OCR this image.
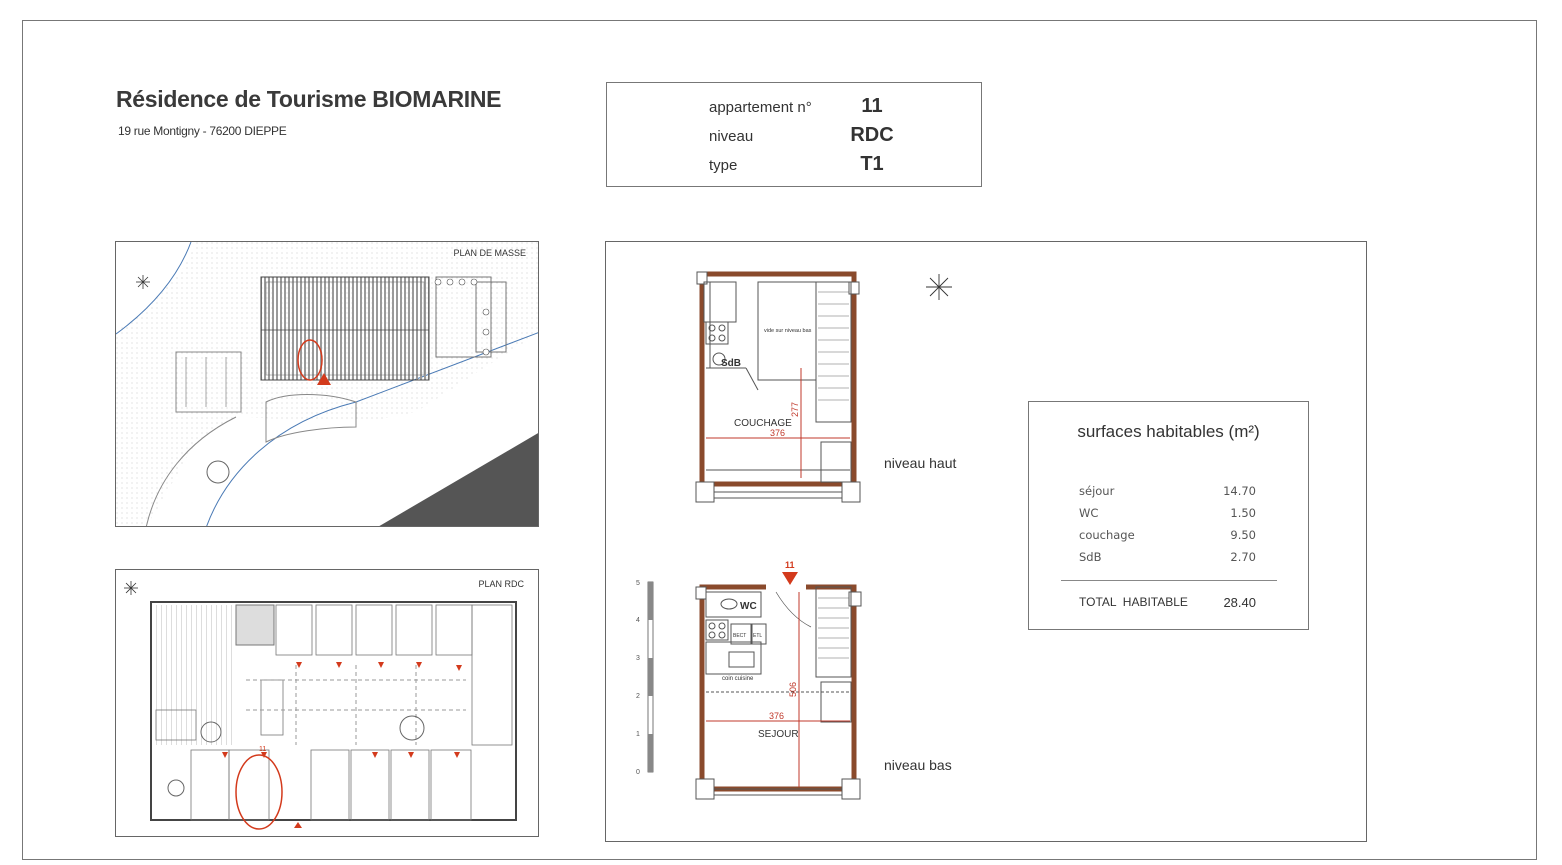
Résidence de Tourisme BIOMARINE
19 rue Montigny - 76200 DIEPPE
appartement n°	11
niveau	RDC
type	T1
PLAN DE MASSE
11
PLAN RDC
SdB
vide sur niveau bas
COUCHAGE
376
277
11
WC
BECT ETL
coin cuisine
SEJOUR
376
506
0
1
2
3
4
5
niveau haut
niveau bas
surfaces habitables (m²)
séjour	14.70
WC	1.50
couchage	9.50
SdB	2.70
TOTAL  HABITABLE	28.40
